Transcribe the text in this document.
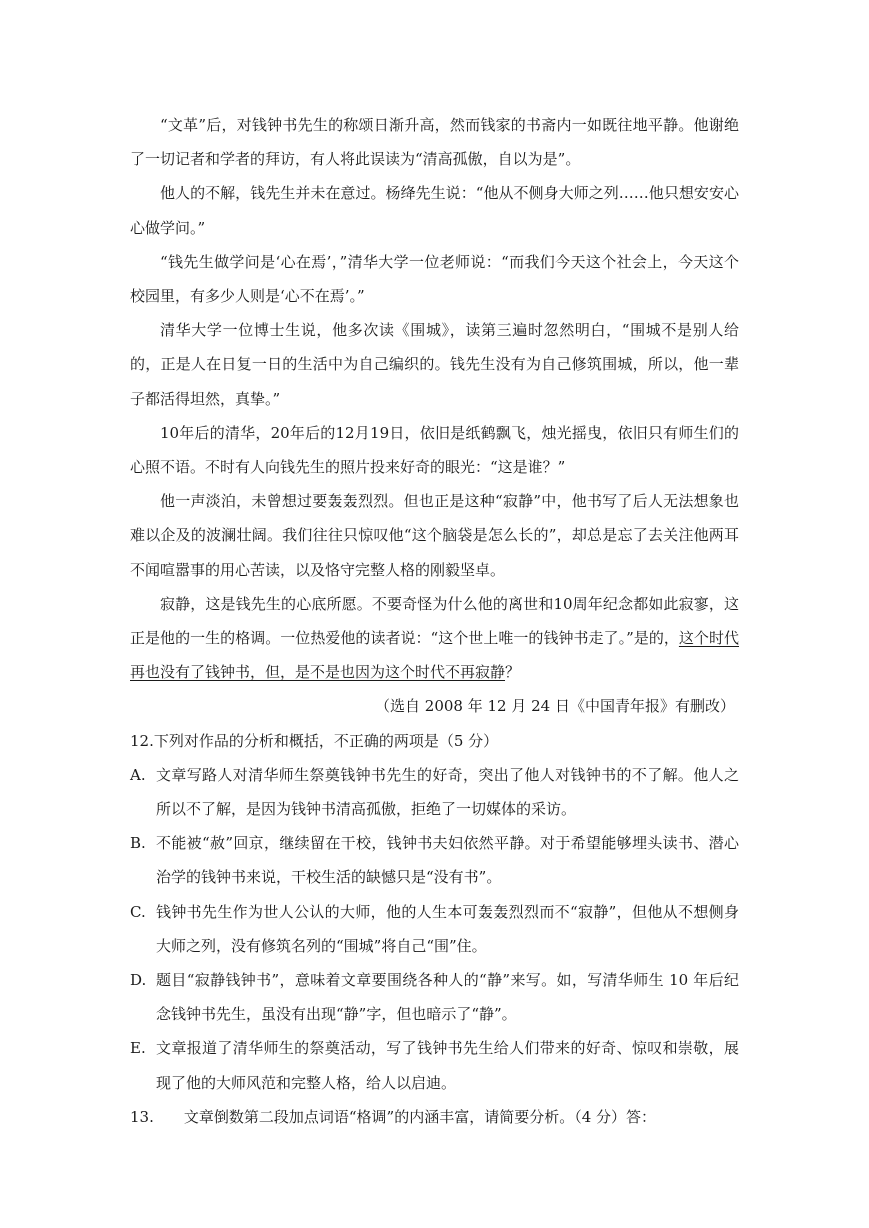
“文革”后，对钱钟书先生的称颂日渐升高，然而钱家的书斋内一如既往地平静。他谢绝了一切记者和学者的拜访，有人将此误读为“清高孤傲，自以为是”。

他人的不解，钱先生并未在意过。杨绛先生说：“他从不侧身大师之列……他只想安安心心做学问。”

“钱先生做学问是‘心在焉’，”清华大学一位老师说：“而我们今天这个社会上，今天这个校园里，有多少人则是‘心不在焉’。”

清华大学一位博士生说，他多次读《围城》，读第三遍时忽然明白，“围城不是别人给的，正是人在日复一日的生活中为自己编织的。钱先生没有为自己修筑围城，所以，他一辈子都活得坦然，真挚。”

10年后的清华，20年后的12月19日，依旧是纸鹤飘飞，烛光摇曳，依旧只有师生们的心照不语。不时有人向钱先生的照片投来好奇的眼光：“这是谁？”

他一声淡泊，未曾想过要轰轰烈烈。但也正是这种“寂静”中，他书写了后人无法想象也难以企及的波澜壮阔。我们往往只惊叹他“这个脑袋是怎么长的”，却总是忘了去关注他两耳不闻喧嚣事的用心苦读，以及恪守完整人格的刚毅坚卓。

寂静，这是钱先生的心底所愿。不要奇怪为什么他的离世和10周年纪念都如此寂寥，这正是他的一生的格调。一位热爱他的读者说：“这个世上唯一的钱钟书走了。”是的，这个时代再也没有了钱钟书，但，是不是也因为这个时代不再寂静？

（选自 2008 年 12 月 24 日《中国青年报》有删改）

12.下列对作品的分析和概括，不正确的两项是（5 分）

A. 文章写路人对清华师生祭奠钱钟书先生的好奇，突出了他人对钱钟书的不了解。他人之所以不了解，是因为钱钟书清高孤傲，拒绝了一切媒体的采访。

B. 不能被“赦”回京，继续留在干校，钱钟书夫妇依然平静。对于希望能够埋头读书、潜心治学的钱钟书来说，干校生活的缺憾只是“没有书”。

C. 钱钟书先生作为世人公认的大师，他的人生本可轰轰烈烈而不“寂静”，但他从不想侧身大师之列，没有修筑名列的“围城”将自己“围”住。

D. 题目“寂静钱钟书”，意味着文章要围绕各种人的“静”来写。如，写清华师生 10 年后纪念钱钟书先生，虽没有出现“静”字，但也暗示了“静”。

E. 文章报道了清华师生的祭奠活动，写了钱钟书先生给人们带来的好奇、惊叹和崇敬，展现了他的大师风范和完整人格，给人以启迪。

13.　　文章倒数第二段加点词语“格调”的内涵丰富，请简要分析。（4 分）答：
